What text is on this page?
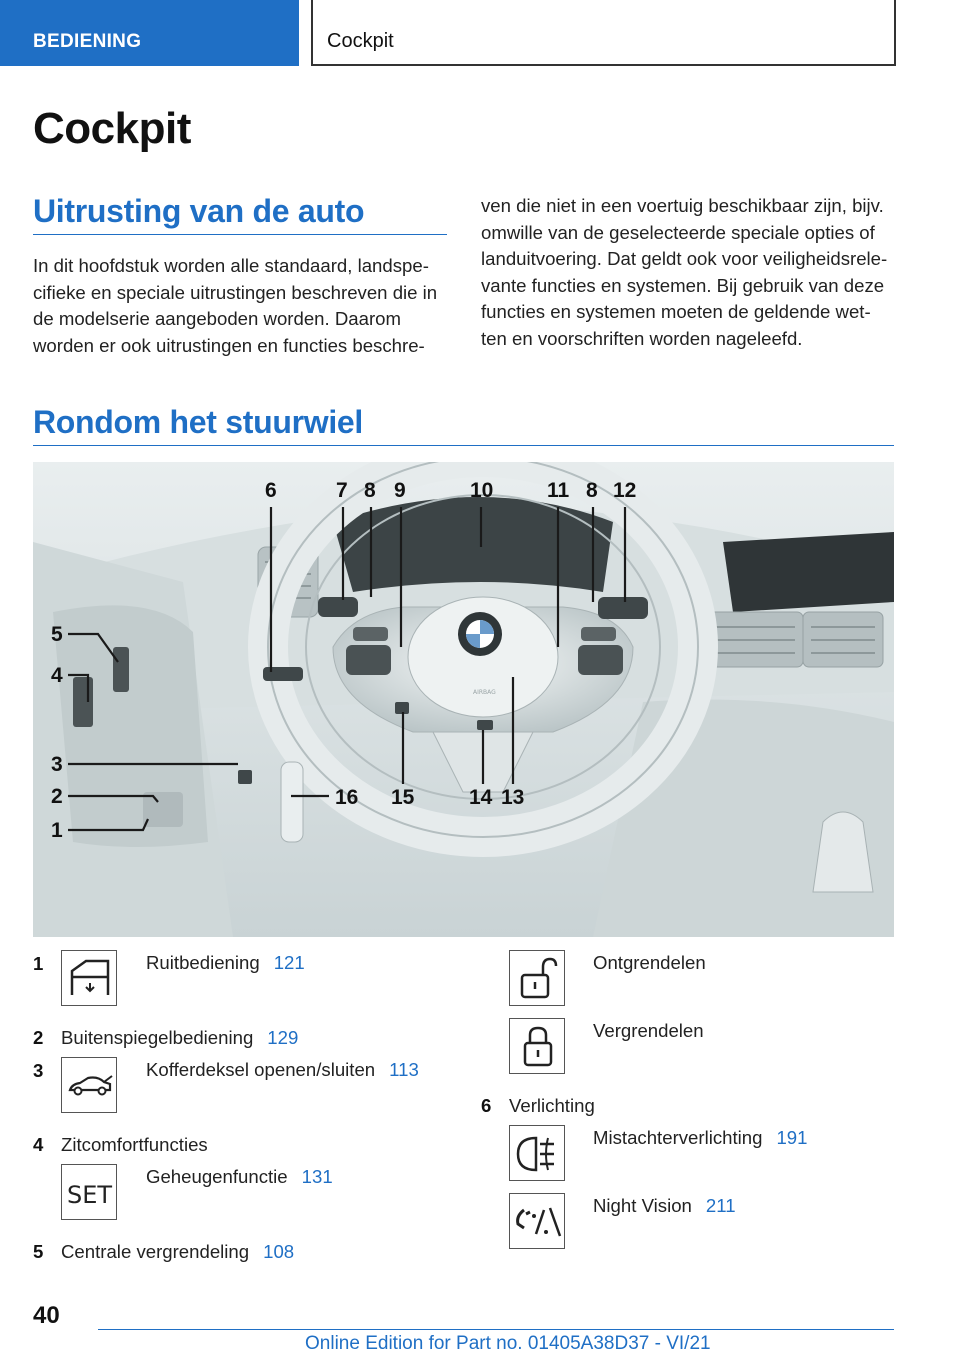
BEDIENING	Cockpit
Cockpit
Uitrusting van de auto
In dit hoofdstuk worden alle standaard, landspe-
cifieke en speciale uitrustingen beschreven die in
de modelserie aangeboden worden. Daarom
worden er ook uitrustingen en functies beschre-
ven die niet in een voertuig beschikbaar zijn, bijv.
omwille van de geselecteerde speciale opties of
landuitvoering. Dat geldt ook voor veiligheidsrele-
vante functies en systemen. Bij gebruik van deze
functies en systemen moeten de geldende wet-
ten en voorschriften worden nageleefd.
Rondom het stuurwiel
AIRBAG
6	7 8 9	10	11 8 12
5
4
3
2
1
16 15	14 13
1	Ruitbediening 121
2 Buitenspiegelbediening 129
3	Kofferdeksel openen/sluiten 113
4 Zitcomfortfuncties
SET
Geheugenfunctie 131
5 Centrale vergrendeling 108
Ontgrendelen
Vergrendelen
6 Verlichting
Mistachterverlichting 191
Night Vision 211
40
Online Edition for Part no. 01405A38D37 - VI/21
